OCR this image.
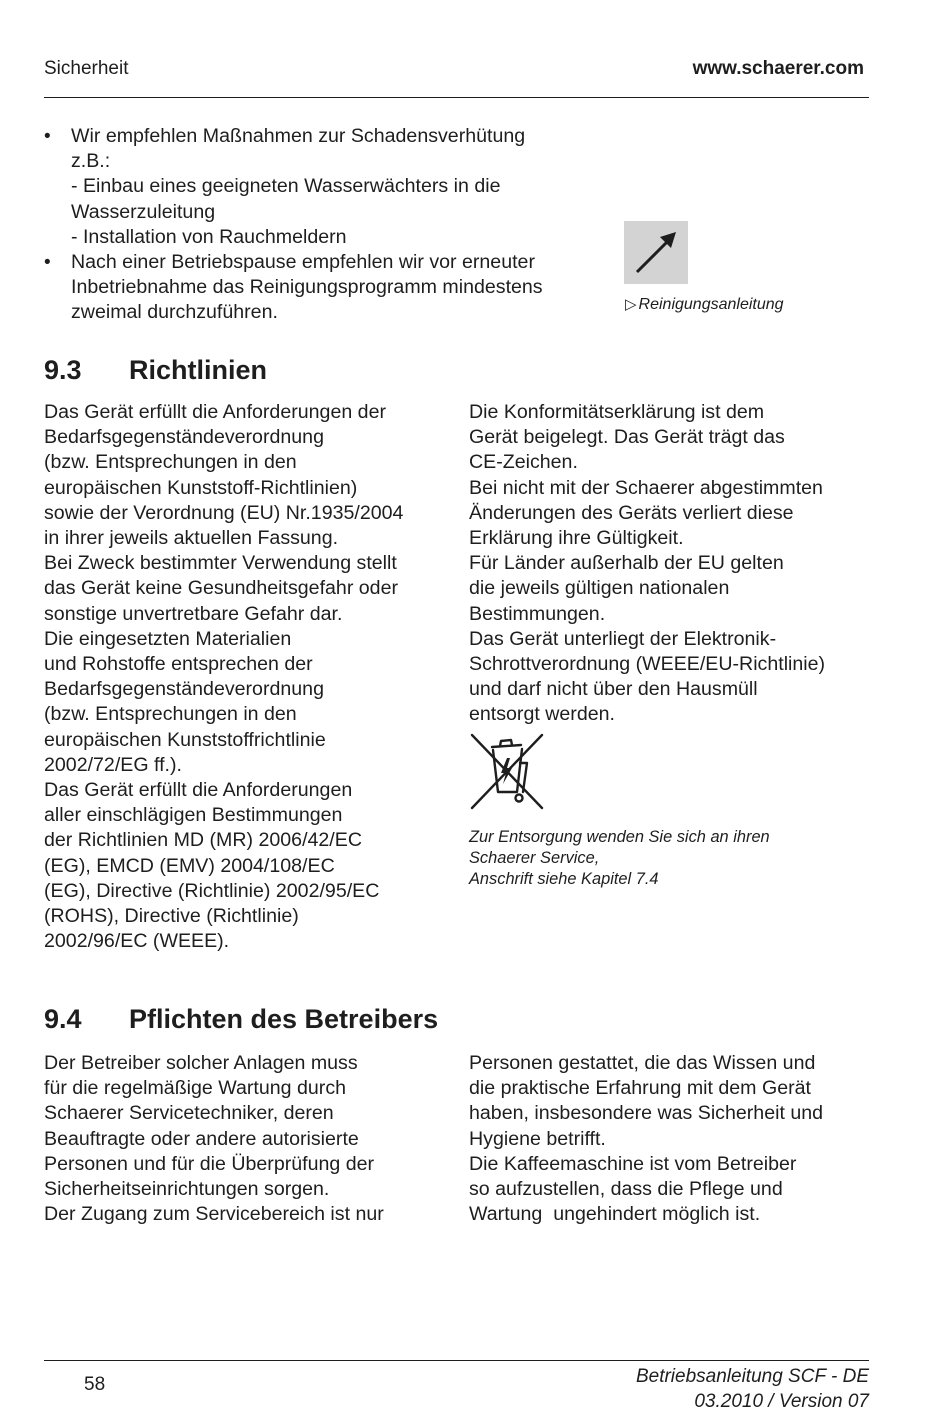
Sicherheit	www.schaerer.com
• Wir empfehlen Maßnahmen zur Schadensverhütung
z.B.:
- Einbau eines geeigneten Wasserwächters in die
Wasserzuleitung
- Installation von Rauchmeldern
• Nach einer Betriebspause empfehlen wir vor erneuter
Inbetriebnahme das Reinigungsprogramm mindestens
zweimal durchzuführen.	▷ Reinigungsanleitung
9.3 Richtlinien
Das Gerät erfüllt die Anforderungen der
Bedarfsgegenständeverordnung
(bzw. Entsprechungen in den
europäischen Kunststoff-Richtlinien)
sowie der Verordnung (EU) Nr.1935/2004
in ihrer jeweils aktuellen Fassung.
Bei Zweck bestimmter Verwendung stellt
das Gerät keine Gesundheitsgefahr oder
sonstige unvertretbare Gefahr dar.
Die eingesetzten Materialien
und Rohstoffe entsprechen der
Bedarfsgegenständeverordnung
(bzw. Entsprechungen in den
europäischen Kunststoffrichtlinie
2002/72/EG ff.).
Das Gerät erfüllt die Anforderungen
aller einschlägigen Bestimmungen
der Richtlinien MD (MR) 2006/42/EC
(EG), EMCD (EMV) 2004/108/EC
(EG), Directive (Richtlinie) 2002/95/EC
(ROHS), Directive (Richtlinie)
2002/96/EC (WEEE).
Die Konformitätserklärung ist dem
Gerät beigelegt. Das Gerät trägt das
CE-Zeichen.
Bei nicht mit der Schaerer abgestimmten
Änderungen des Geräts verliert diese
Erklärung ihre Gültigkeit.
Für Länder außerhalb der EU gelten
die jeweils gültigen nationalen
Bestimmungen.
Das Gerät unterliegt der Elektronik-
Schrottverordnung (WEEE/EU-Richtlinie)
und darf nicht über den Hausmüll
entsorgt werden.
Zur Entsorgung wenden Sie sich an ihren
Schaerer Service,
Anschrift siehe Kapitel 7.4
9.4 Pflichten des Betreibers
Der Betreiber solcher Anlagen muss
für die regelmäßige Wartung durch
Schaerer Servicetechniker, deren
Beauftragte oder andere autorisierte
Personen und für die Überprüfung der
Sicherheitseinrichtungen sorgen.
Der Zugang zum Servicebereich ist nur
Personen gestattet, die das Wissen und
die praktische Erfahrung mit dem Gerät
haben, insbesondere was Sicherheit und
Hygiene betrifft.
Die Kaffeemaschine ist vom Betreiber
so aufzustellen, dass die Pflege und
Wartung  ungehindert möglich ist.
58	Betriebsanleitung SCF - DE
03.2010 / Version 07
